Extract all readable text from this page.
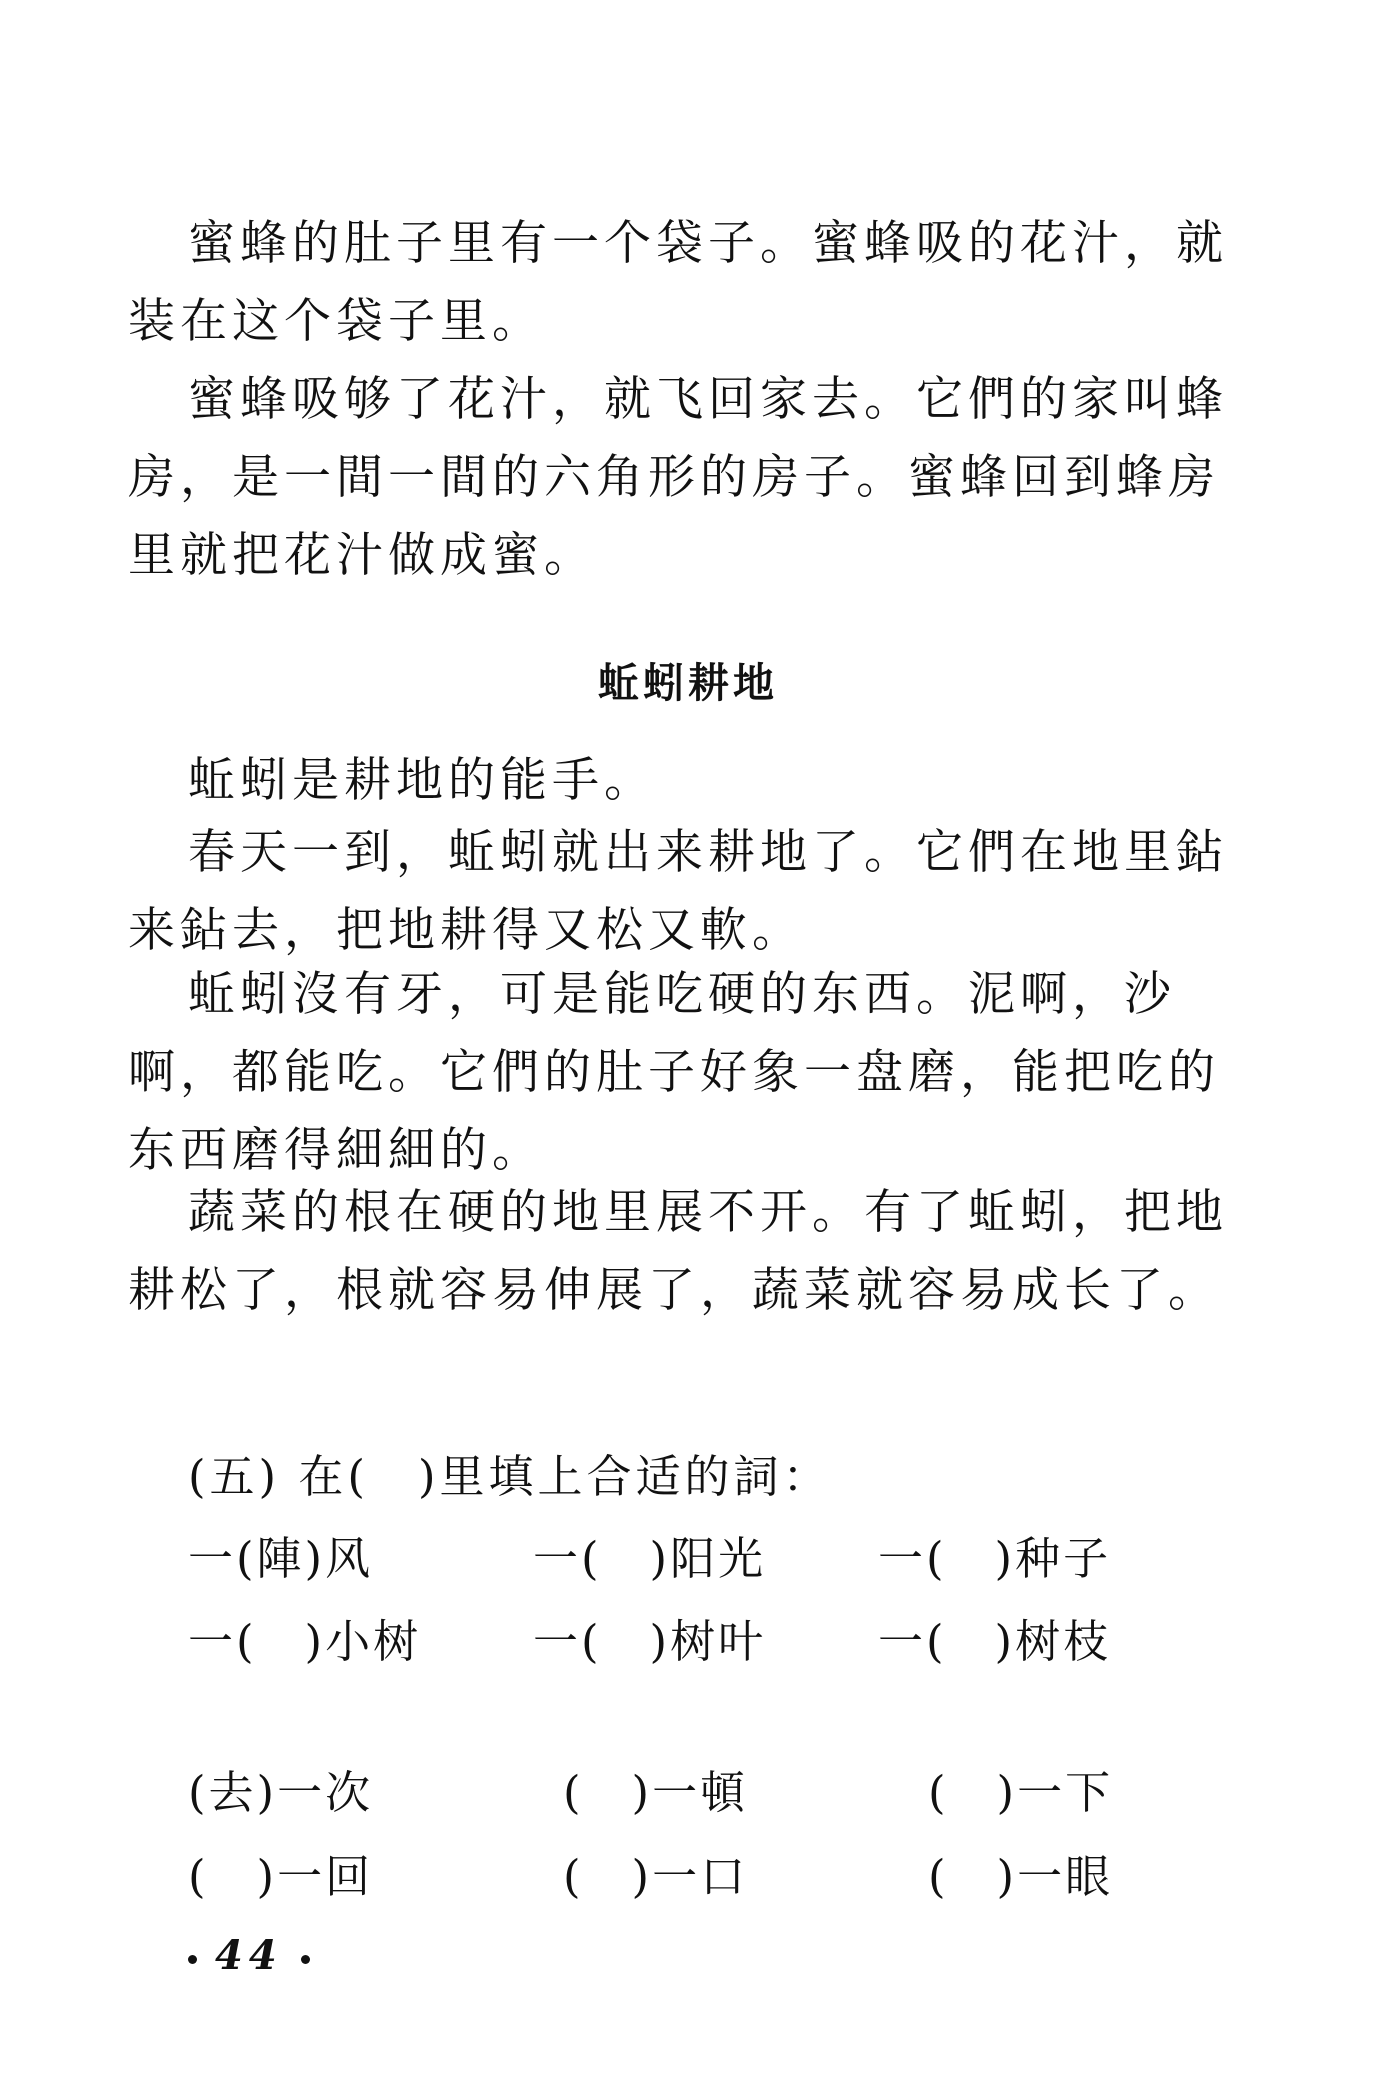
蜜蜂的肚子里有一个袋子。蜜蜂吸的花汁，就装在这个袋子里。

蜜蜂吸够了花汁，就飞回家去。它們的家叫蜂房，是一間一間的六角形的房子。蜜蜂回到蜂房里就把花汁做成蜜。

蚯蚓耕地

蚯蚓是耕地的能手。

春天一到，蚯蚓就出来耕地了。它們在地里鉆来鉆去，把地耕得又松又軟。

蚯蚓沒有牙，可是能吃硬的东西。泥啊，沙啊，都能吃。它們的肚子好象一盘磨，能把吃的东西磨得細細的。

蔬菜的根在硬的地里展不开。有了蚯蚓，把地耕松了，根就容易伸展了，蔬菜就容易成长了。

(五) 在(　)里填上合适的詞：
一(陣)风	一(　)阳光 一(　)种子
一(　)小树 一(　)树叶 一(　)树枝
(去)一次	(　)一頓	(　)一下
(　)一回	(　)一口	(　)一眼
44
